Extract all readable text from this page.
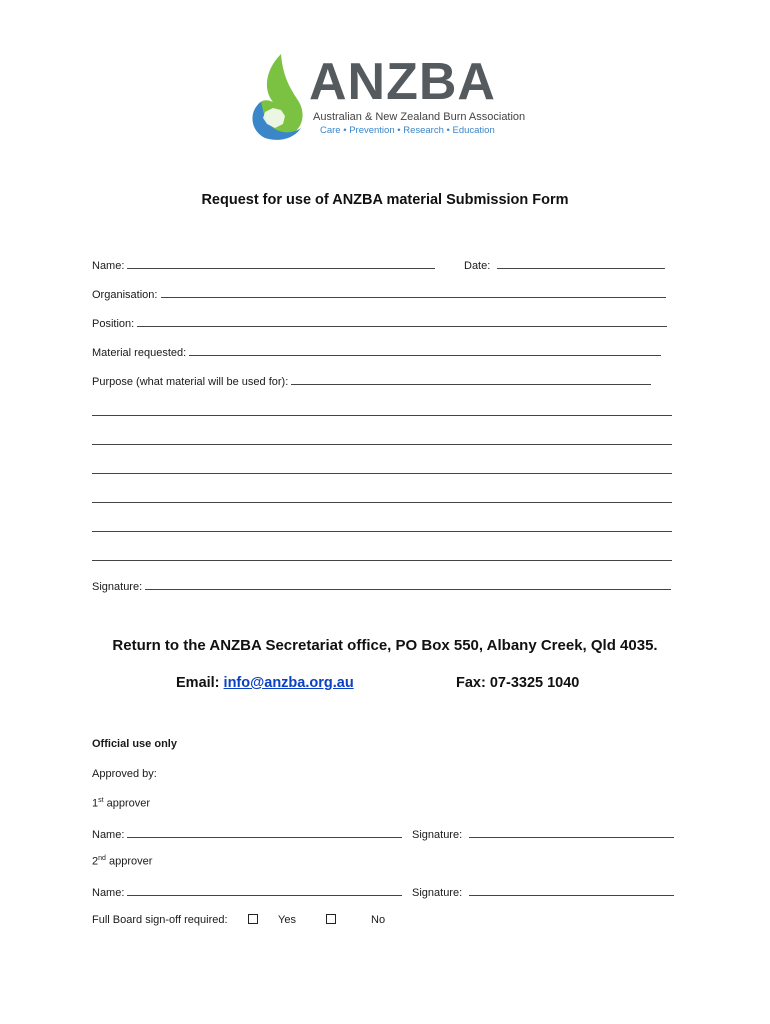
ANZBA
Australian & New Zealand Burn Association
Care • Prevention • Research • Education
Request for use of ANZBA material Submission Form
Name:	Date:
Organisation:
Position:
Material requested:
Purpose (what material will be used for):
Signature:
Return to the ANZBA Secretariat office, PO Box 550, Albany Creek, Qld 4035.
Email: info@anzba.org.au	Fax: 07-3325 1040
Official use only
Approved by:
1st approver
Name:	Signature:
2nd approver
Name:	Signature:
Full Board sign-off required:	Yes	No
